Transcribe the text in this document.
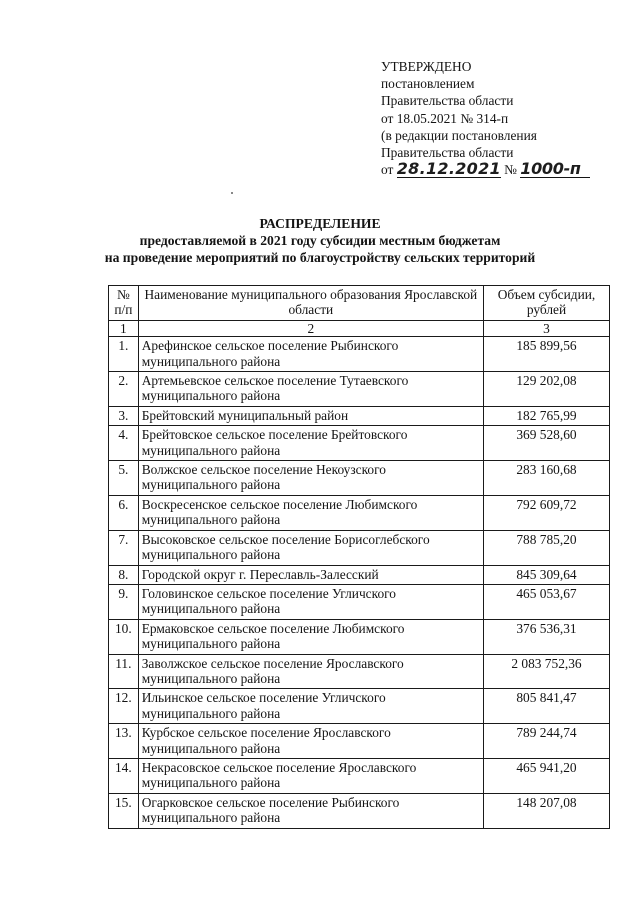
УТВЕРЖДЕНО
постановлением
Правительства области
от 18.05.2021 № 314-п
(в редакции постановления
Правительства области
от 28.12.2021 № 1000-п
РАСПРЕДЕЛЕНИЕ
предоставляемой в 2021 году субсидии местным бюджетам
на проведение мероприятий по благоустройству сельских территорий
№ п/п	Наименование муниципального образования Ярославской области	Объем субсидии, рублей
1	2	3
1.	Арефинское сельское поселение Рыбинского муниципального района	185 899,56
2.	Артемьевское сельское поселение Тутаевского муниципального района	129 202,08
3.	Брейтовский муниципальный район	182 765,99
4.	Брейтовское сельское поселение Брейтовского муниципального района	369 528,60
5.	Волжское сельское поселение Некоузского муниципального района	283 160,68
6.	Воскресенское сельское поселение Любимского муниципального района	792 609,72
7.	Высоковское сельское поселение Борисоглебского муниципального района	788 785,20
8.	Городской округ г. Переславль-Залесский	845 309,64
9.	Головинское сельское поселение Угличского муниципального района	465 053,67
10.	Ермаковское сельское поселение Любимского муниципального района	376 536,31
11.	Заволжское сельское поселение Ярославского муниципального района	2 083 752,36
12.	Ильинское сельское поселение Угличского муниципального района	805 841,47
13.	Курбское сельское поселение Ярославского муниципального района	789 244,74
14.	Некрасовское сельское поселение Ярославского муниципального района	465 941,20
15.	Огарковское сельское поселение Рыбинского муниципального района	148 207,08
